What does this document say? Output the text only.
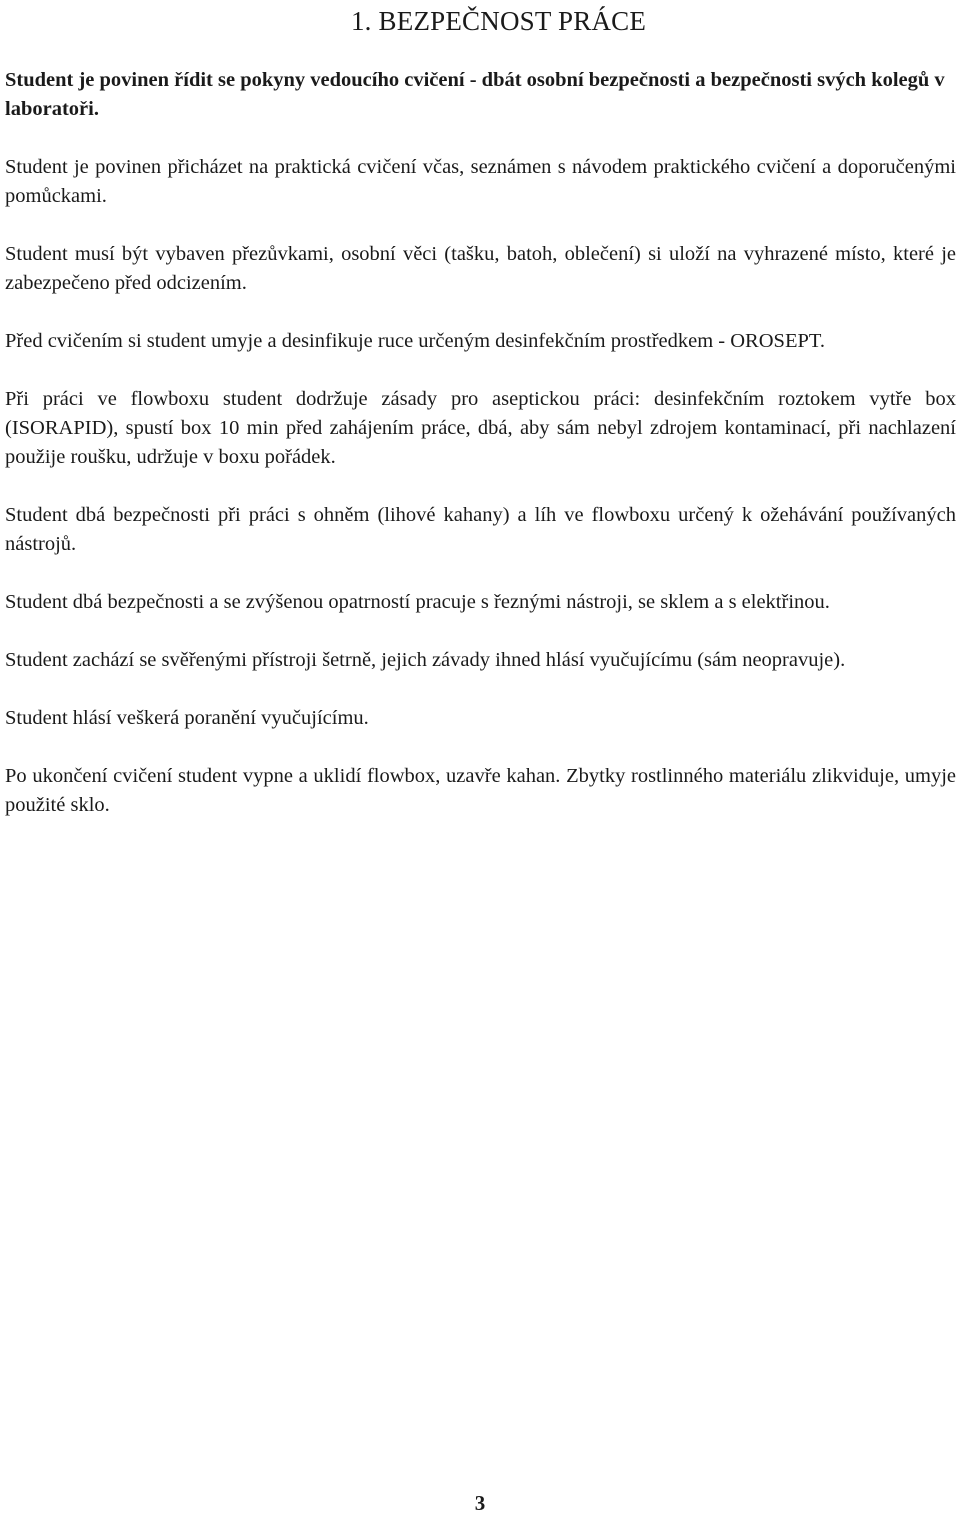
1. BEZPEČNOST PRÁCE

Student je povinen řídit se pokyny vedoucího cvičení - dbát osobní bezpečnosti a bezpečnosti svých kolegů v laboratoři.

Student je povinen přicházet na praktická cvičení včas, seznámen s návodem praktického cvičení a doporučenými pomůckami.

Student musí být vybaven přezůvkami, osobní věci (tašku, batoh, oblečení) si uloží na vyhrazené místo, které je zabezpečeno před odcizením.

Před cvičením si student umyje a desinfikuje ruce určeným desinfekčním prostředkem - OROSEPT.

Při práci ve flowboxu student dodržuje zásady pro aseptickou práci: desinfekčním roztokem vytře box (ISORAPID), spustí box 10 min před zahájením práce, dbá, aby sám nebyl zdrojem kontaminací, při nachlazení použije roušku, udržuje v boxu pořádek.

Student dbá bezpečnosti při práci s ohněm (lihové kahany) a líh ve flowboxu určený k ožehávání používaných nástrojů.

Student dbá bezpečnosti a se zvýšenou opatrností pracuje s řeznými nástroji, se sklem a s elektřinou.

Student zachází se svěřenými přístroji šetrně, jejich závady ihned hlásí vyučujícímu (sám neopravuje).

Student hlásí veškerá poranění vyučujícímu.

Po ukončení cvičení student vypne a uklidí flowbox, uzavře kahan. Zbytky rostlinného materiálu zlikviduje, umyje použité sklo.

3
